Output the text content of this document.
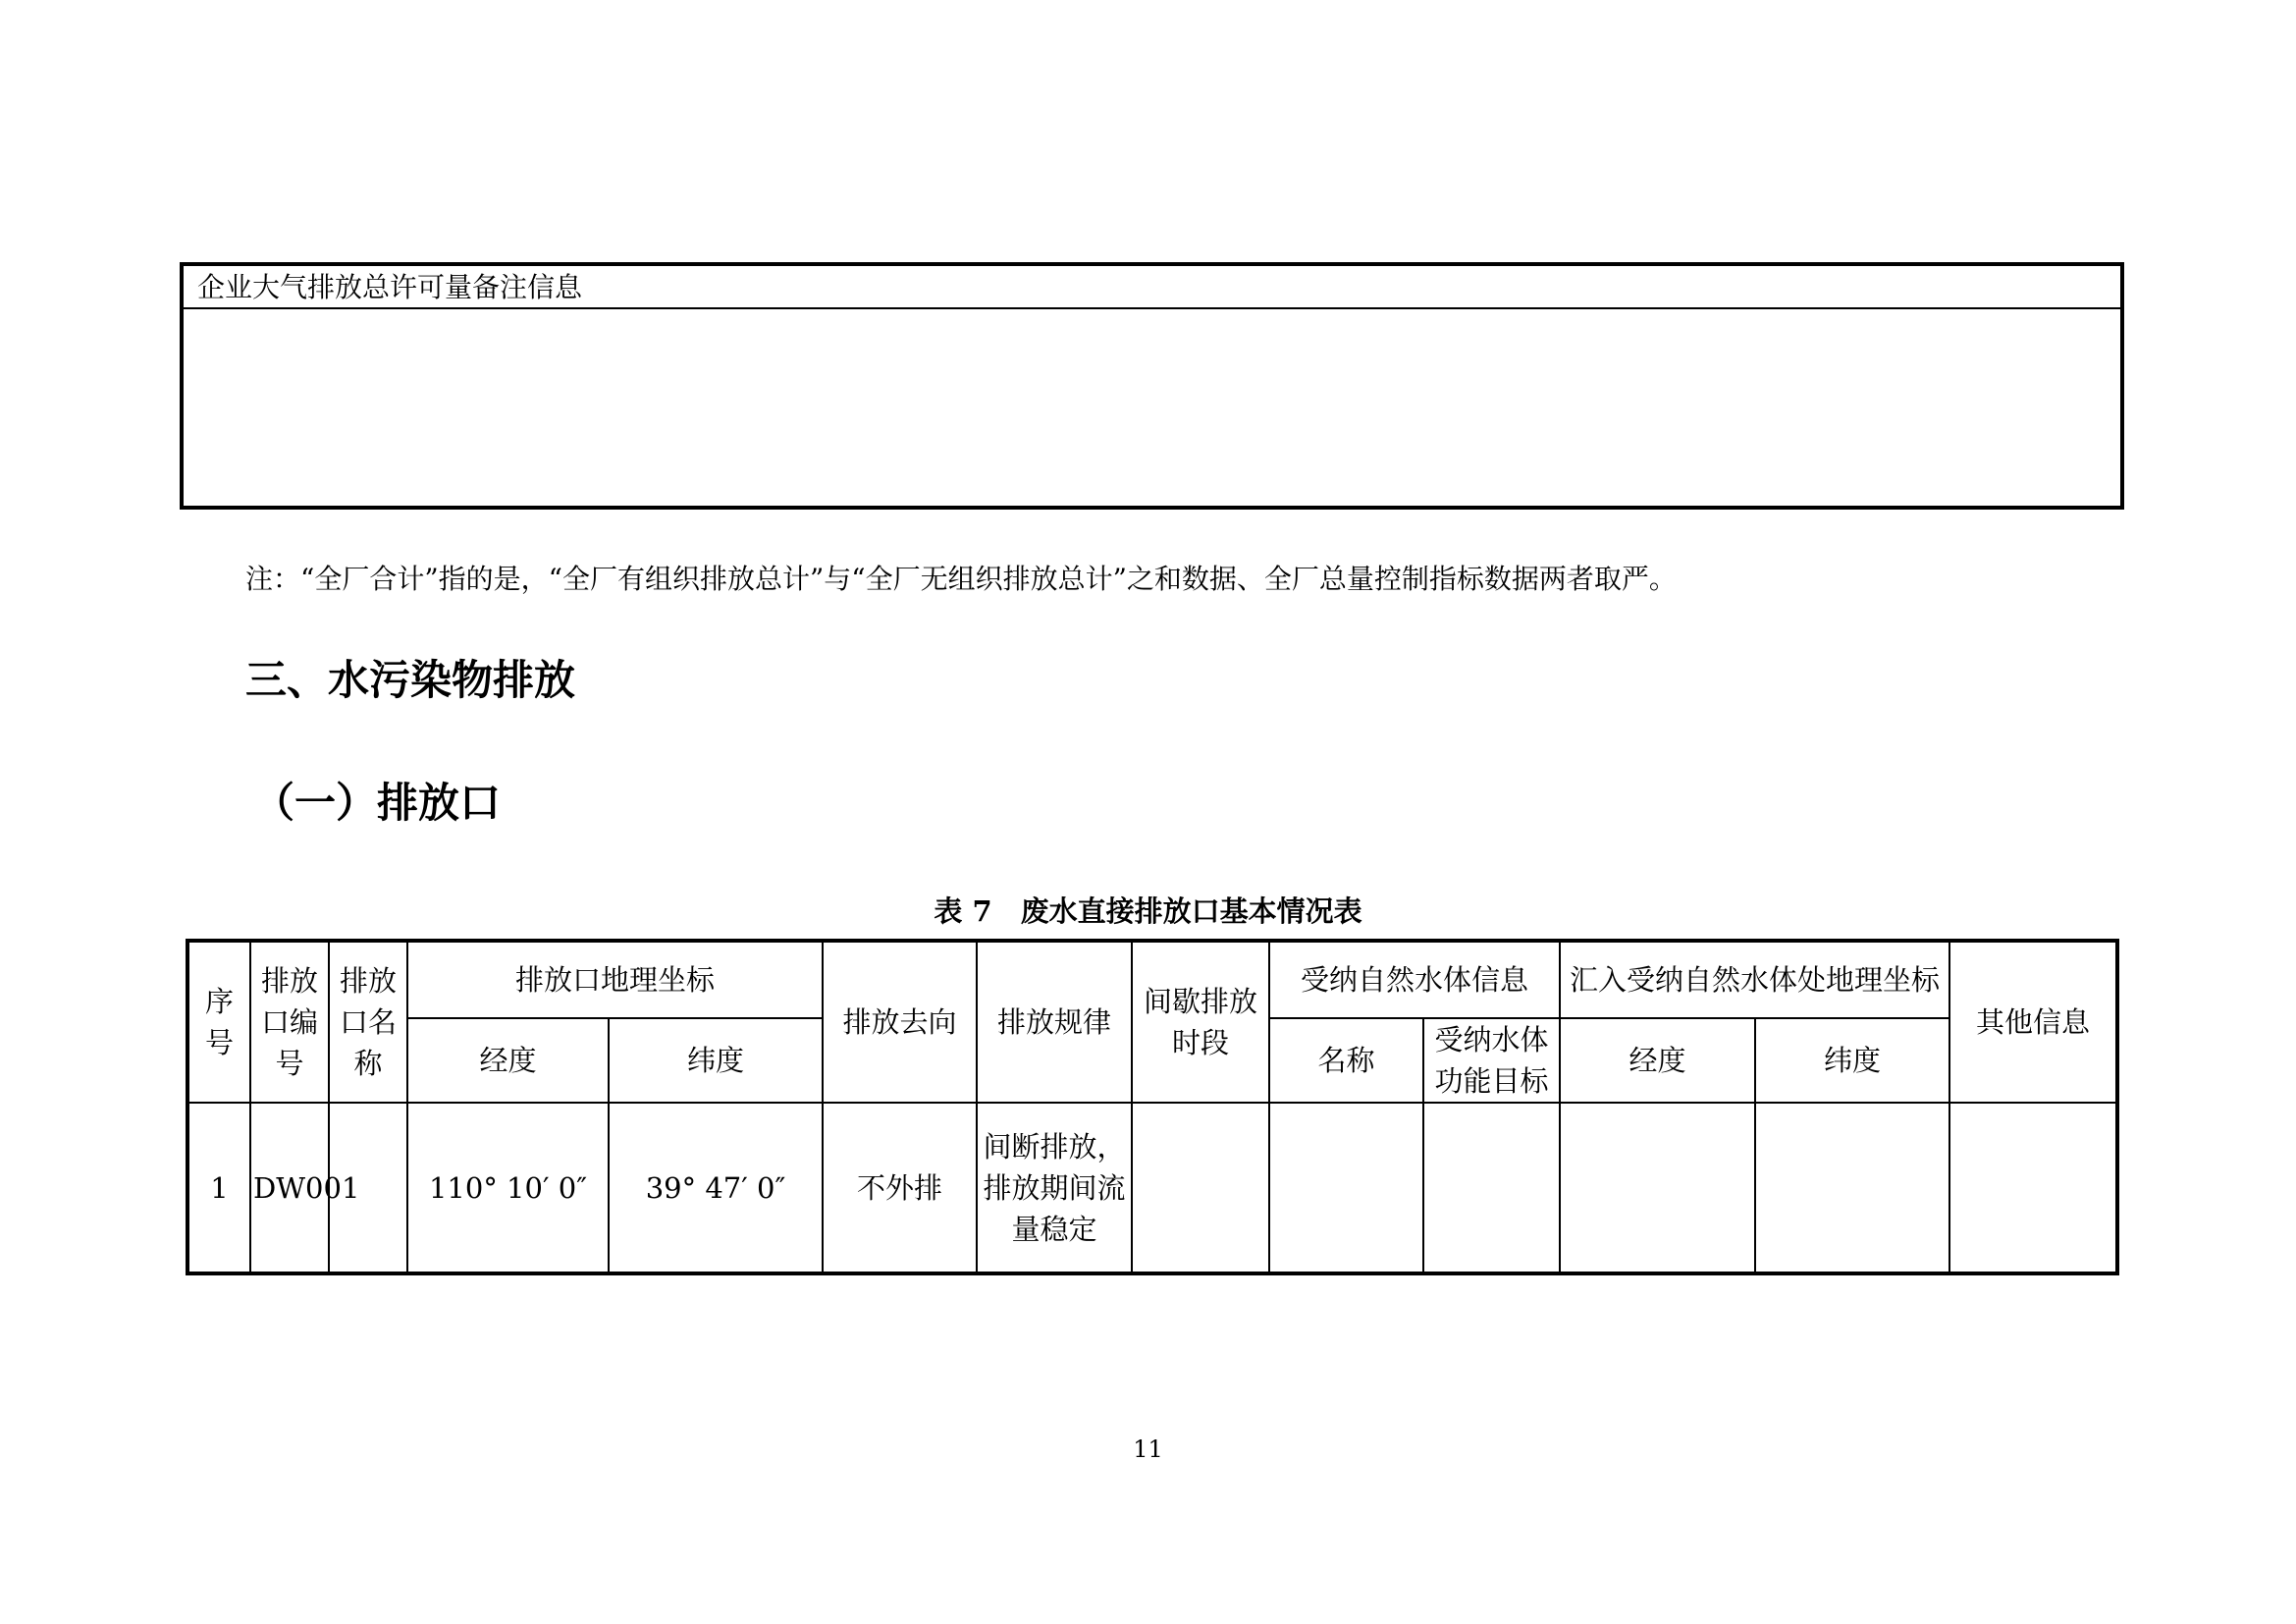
企业大气排放总许可量备注信息
注：“全厂合计”指的是，“全厂有组织排放总计”与“全厂无组织排放总计”之和数据、全厂总量控制指标数据两者取严。
三、水污染物排放
（一）排放口
表 7　废水直接排放口基本情况表
序号	排放口编号	排放口名称	排放口地理坐标		排放去向	排放规律	间歇排放时段	受纳自然水体信息		汇入受纳自然水体处地理坐标		其他信息
			经度	纬度				名称	受纳水体功能目标	经度	纬度	
1	DW001		110° 10′ 0″	39° 47′ 0″	不外排	间断排放，排放期间流量稳定						
11
